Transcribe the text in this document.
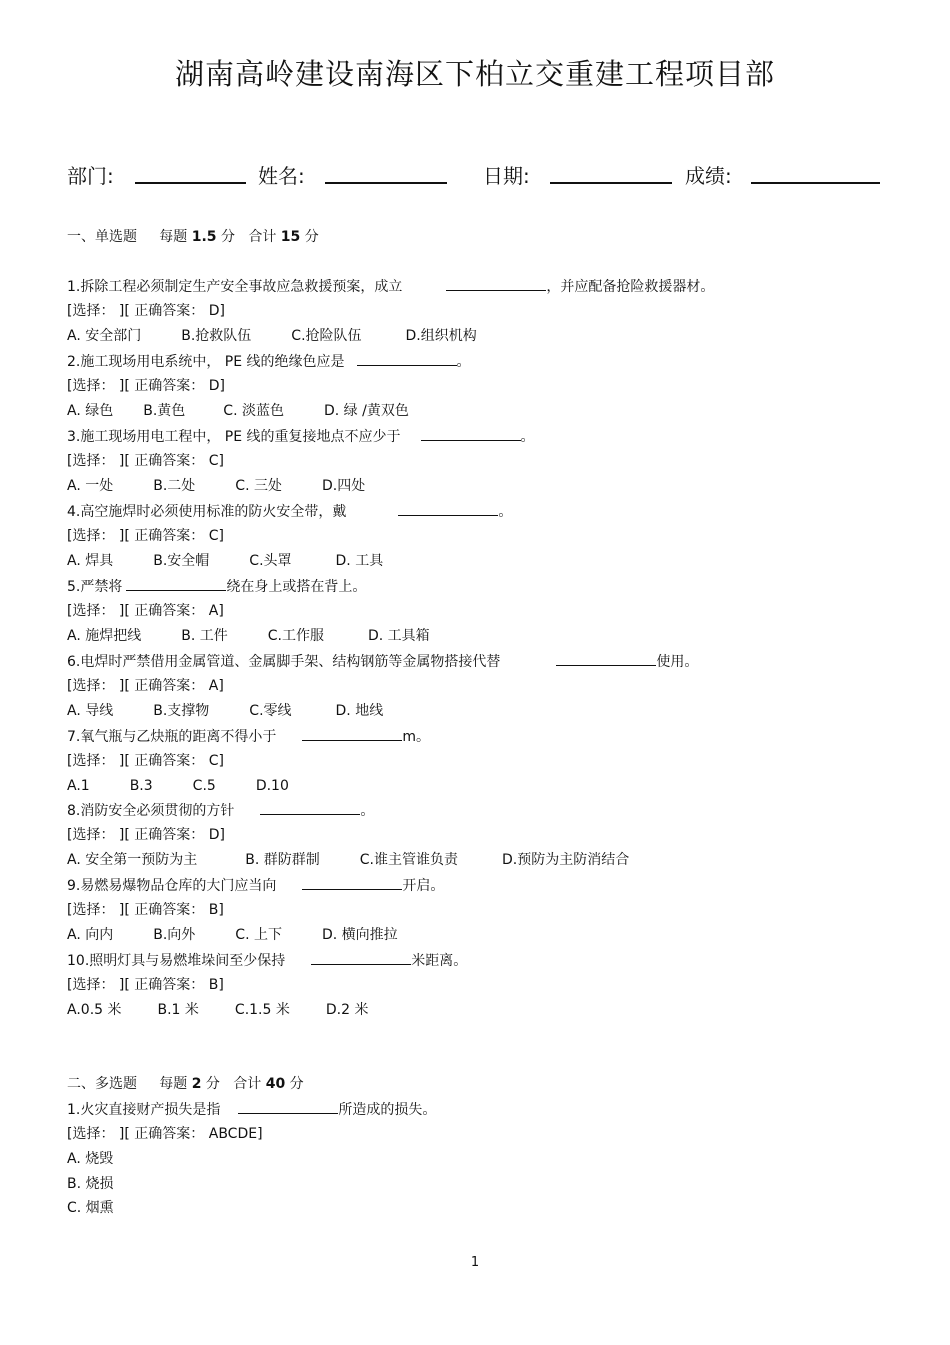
湖南高岭建设南海区下柏立交重建工程项目部
部门:	姓名:	日期:	成绩:
一、单选题 每题 1.5 分 合计 15 分
1.拆除工程必须制定生产安全事故应急救援预案，成立	，并应配备抢险救援器材。
[选择： ][ 正确答案： D]
A. 安全部门	B.抢救队伍	C.抢险队伍	D.组织机构
2.施工现场用电系统中， PE 线的绝缘色应是	。
[选择： ][ 正确答案： D]
A. 绿色 B.黄色	C. 淡蓝色	D. 绿 /黄双色
3.施工现场用电工程中， PE 线的重复接地点不应少于	。
[选择： ][ 正确答案： C]
A. 一处	B.二处	C. 三处	D.四处
4.高空施焊时必须使用标准的防火安全带，戴	。
[选择： ][ 正确答案： C]
A. 焊具	B.安全帽	C.头罩	D. 工具
5.严禁将	绕在身上或搭在背上。
[选择： ][ 正确答案： A]
A. 施焊把线	B. 工件	C.工作服	D. 工具箱
6.电焊时严禁借用金属管道、金属脚手架、结构钢筋等金属物搭接代替	使用。
[选择： ][ 正确答案： A]
A. 导线	B.支撑物	C.零线	D. 地线
7.氧气瓶与乙炔瓶的距离不得小于	m。
[选择： ][ 正确答案： C]
A.1	B.3	C.5	D.10
8.消防安全必须贯彻的方针	。
[选择： ][ 正确答案： D]
A. 安全第一预防为主	B. 群防群制	C.谁主管谁负责	D.预防为主防消结合
9.易燃易爆物品仓库的大门应当向	开启。
[选择： ][ 正确答案： B]
A. 向内	B.向外	C. 上下	D. 横向推拉
10.照明灯具与易燃堆垛间至少保持	米距离。
[选择： ][ 正确答案： B]
A.0.5 米	B.1 米	C.1.5 米	D.2 米
二、多选题 每题 2 分 合计 40 分
1.火灾直接财产损失是指	所造成的损失。
[选择： ][ 正确答案： ABCDE]
A. 烧毁
B. 烧损
C. 烟熏
1
